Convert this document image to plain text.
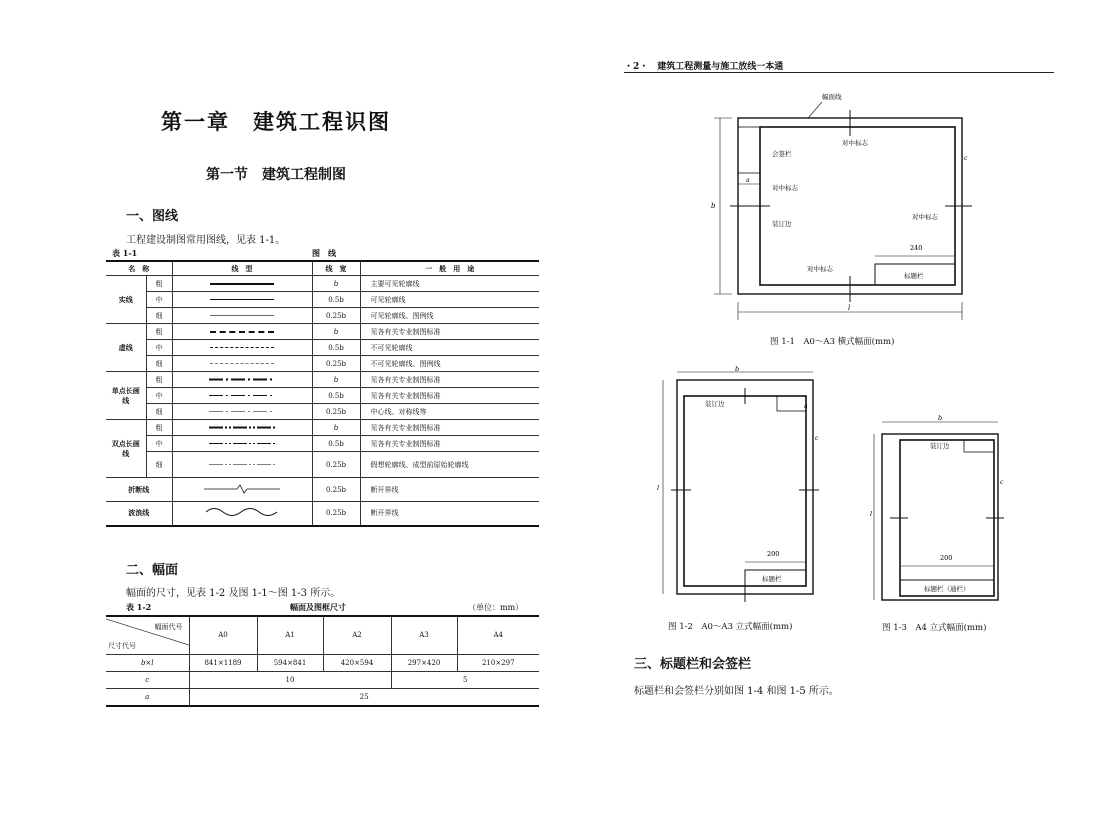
第一章　建筑工程识图
第一节　建筑工程制图
一、图线
工程建设制图常用图线，见表 1-1。
表 1-1	图　线
名　称		线　型	线　宽	一　般　用　途
实线	粗		b	主要可见轮廓线
	中		0.5b	可见轮廓线
	细		0.25b	可见轮廓线、图例线
虚线	粗		b	见各有关专业制图标准
	中		0.5b	不可见轮廓线
	细		0.25b	不可见轮廓线、图例线
单点长画线	粗		b	见各有关专业制图标准
	中		0.5b	见各有关专业制图标准
	细		0.25b	中心线、对称线等
双点长画线	粗		b	见各有关专业制图标准
	中		0.5b	见各有关专业制图标准
	细		0.25b	假想轮廓线、成型前原始轮廓线
折断线			0.25b	断开界线
波浪线			0.25b	断开界线
二、幅面
幅面的尺寸，见表 1-2 及图 1-1～图 1-3 所示。
表 1-2	幅面及图框尺寸	（单位：mm）
幅面代号
尺寸代号	A0	A1	A2	A3	A4
b×l	841×1189	594×841	420×594	297×420	210×297
c	10			5	
a	25				
・2・　建筑工程测量与施工放线一本通
幅面线
对中标志
会签栏
对中标志
对中标志
装订边
240
对中标志
标题栏
b
l
a
c
图 1-1　A0～A3 横式幅面(mm)
b
l
装订边
200
标题栏
a
c
图 1-2　A0～A3 立式幅面(mm)
b
l
装订边
200
标题栏（通栏）
c
图 1-3　A4 立式幅面(mm)
三、标题栏和会签栏
标题栏和会签栏分别如图 1-4 和图 1-5 所示。
